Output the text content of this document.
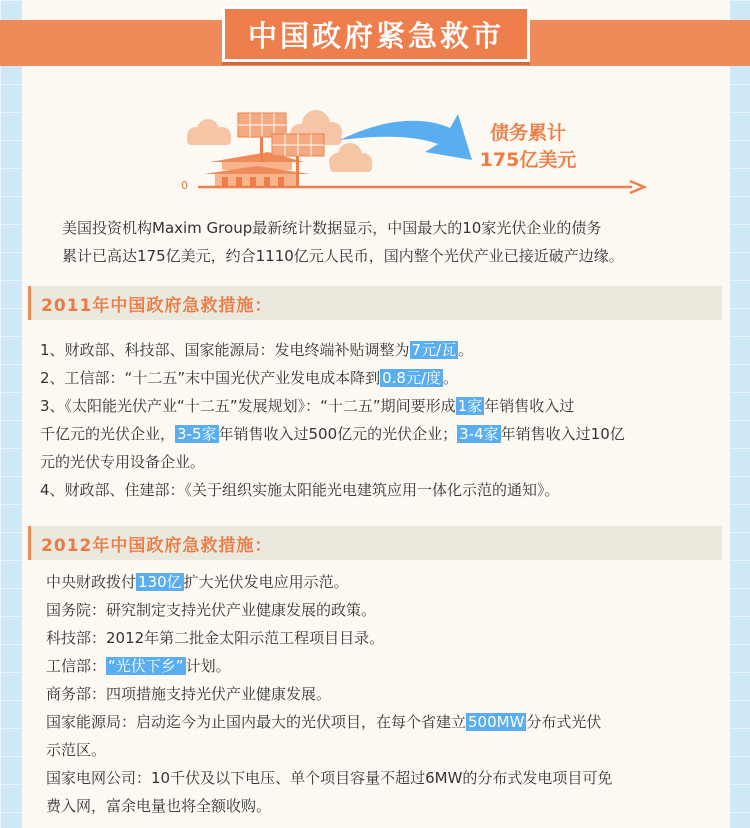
中国政府紧急救市
债务累计
175亿美元
0

美国投资机构Maxim Group最新统计数据显示，中国最大的10家光伏企业的债务

累计已高达175亿美元，约合1110亿元人民币，国内整个光伏产业已接近破产边缘。

2011年中国政府急救措施：

1、财政部、科技部、国家能源局：发电终端补贴调整为 7元/瓦 。

2、工信部：“十二五”末中国光伏产业发电成本降到 0.8元/度 。

3、《太阳能光伏产业“十二五”发展规划》：“十二五”期间要形成 1家 年销售收入过

千亿元的光伏企业， 3-5家 年销售收入过500亿元的光伏企业； 3-4家 年销售收入过10亿

元的光伏专用设备企业。

4、财政部、住建部：《关于组织实施太阳能光电建筑应用一体化示范的通知》。

2012年中国政府急救措施：

中央财政拨付 130亿 扩大光伏发电应用示范。

国务院：研究制定支持光伏产业健康发展的政策。

科技部：2012年第二批金太阳示范工程项目目录。

工信部： “光伏下乡” 计划。

商务部：四项措施支持光伏产业健康发展。

国家能源局：启动迄今为止国内最大的光伏项目，在每个省建立 500MW 分布式光伏

示范区。

国家电网公司：10千伏及以下电压、单个项目容量不超过6MW的分布式发电项目可免

费入网，富余电量也将全额收购。
